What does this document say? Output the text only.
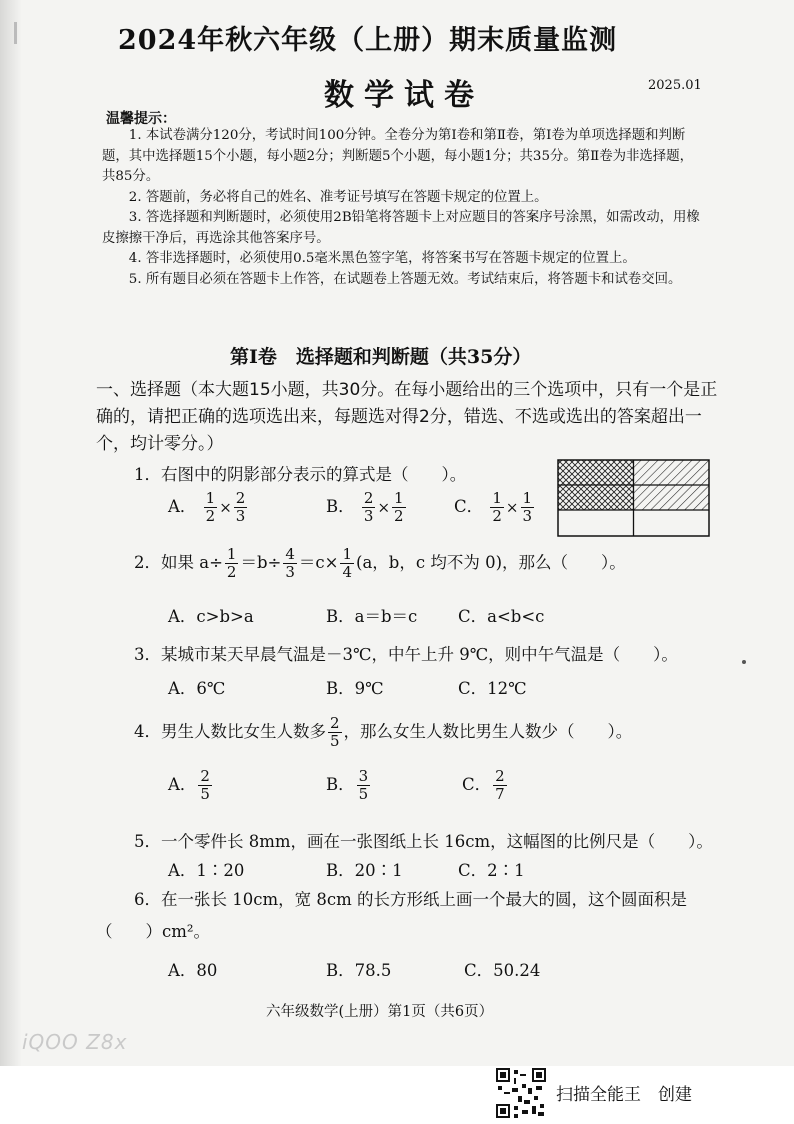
2024年秋六年级（上册）期末质量监测
数学试卷	2025.01
温馨提示：

1. 本试卷满分120分，考试时间100分钟。全卷分为第Ⅰ卷和第Ⅱ卷，第Ⅰ卷为单项选择题和判断题，其中选择题15个小题，每小题2分；判断题5个小题，每小题1分；共35分。第Ⅱ卷为非选择题，共85分。

2. 答题前，务必将自己的姓名、准考证号填写在答题卡规定的位置上。

3. 答选择题和判断题时，必须使用2B铅笔将答题卡上对应题目的答案序号涂黑，如需改动，用橡皮擦擦干净后，再选涂其他答案序号。

4. 答非选择题时，必须使用0.5毫米黑色签字笔，将答案书写在答题卡规定的位置上。

5. 所有题目必须在答题卡上作答，在试题卷上答题无效。考试结束后，将答题卡和试卷交回。

第Ⅰ卷　选择题和判断题（共35分）
一、选择题（本大题15小题，共30分。在每小题给出的三个选项中，只有一个是正确的，请把正确的选项选出来，每题选对得2分，错选、不选或选出的答案超出一个，均计零分。）
1．右图中的阴影部分表示的算式是（　　）。
A． $\frac{1}{2} \times \frac{2}{3}$	B． $\frac{2}{3} \times \frac{1}{2}$	C． $\frac{1}{2} \times \frac{1}{3}$
2．如果 $a\div \frac{1}{2} =b\div \frac{4}{3} =c\times \frac{1}{4} (a$，b，c 均不为 0)，那么（　　）。
A．c>b>a	B．a＝b＝c C．a<b<c
3．某城市某天早晨气温是－3℃，中午上升 9℃，则中午气温是（　　）。
A．6℃	B．9℃	C．12℃
4．男生人数比女生人数多 $\frac{2}{5}$ ，那么女生人数比男生人数少（　　）。
A． $\frac{2}{5}$	B． $\frac{3}{5}$	C． $\frac{2}{7}$
5．一个零件长 8mm，画在一张图纸上长 16cm，这幅图的比例尺是（　　）。
A．1∶20	B．20∶1	C．2∶1
6．在一张长 10cm，宽 8cm 的长方形纸上画一个最大的圆，这个圆面积是（　　）cm²。
A．80	B．78.5	C．50.24
六年级数学(上册）第1页（共6页）
iQOO Z8x
扫描全能王　创建
